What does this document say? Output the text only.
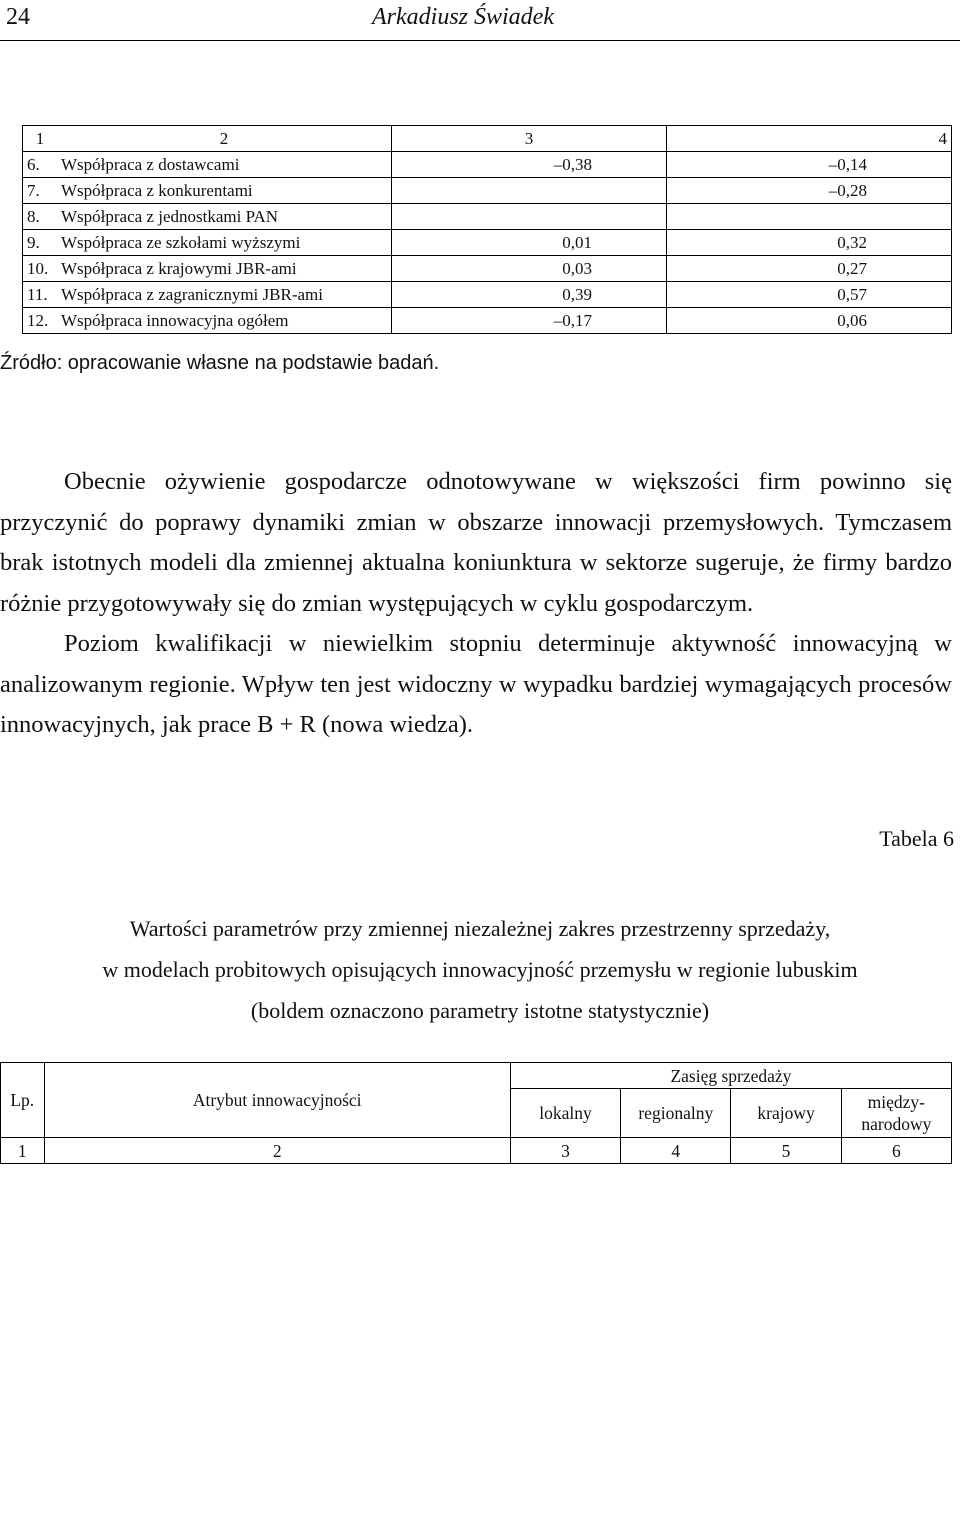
24	Arkadiusz Świadek
1	2	3	4
6.	Współpraca z dostawcami	–0,38	–0,14
7.	Współpraca z konkurentami		–0,28
8.	Współpraca z jednostkami PAN		
9.	Współpraca ze szkołami wyższymi	0,01	0,32
10.	Współpraca z krajowymi JBR-ami	0,03	0,27
11.	Współpraca z zagranicznymi JBR-ami	0,39	0,57
12.	Współpraca innowacyjna ogółem	–0,17	0,06
Źródło: opracowanie własne na podstawie badań.

Obecnie ożywienie gospodarcze odnotowywane w większości firm powinno się przyczynić do poprawy dynamiki zmian w obszarze innowacji przemysłowych. Tymczasem brak istotnych modeli dla zmiennej aktualna koniunktura w sektorze sugeruje, że firmy bardzo różnie przygotowywały się do zmian występujących w cyklu gospodarczym.

Poziom kwalifikacji w niewielkim stopniu determinuje aktywność innowacyjną w analizowanym regionie. Wpływ ten jest widoczny w wypadku bardziej wymagających procesów innowacyjnych, jak prace B + R (nowa wiedza).

Tabela 6
Wartości parametrów przy zmiennej niezależnej zakres przestrzenny sprzedaży,
w modelach probitowych opisujących innowacyjność przemysłu w regionie lubuskim
(boldem oznaczono parametry istotne statystycznie)
Lp.	Atrybut innowacyjności	Zasięg sprzedaży			
		lokalny	regionalny	krajowy	między-
narodowy

1	2	3	4	5	6
